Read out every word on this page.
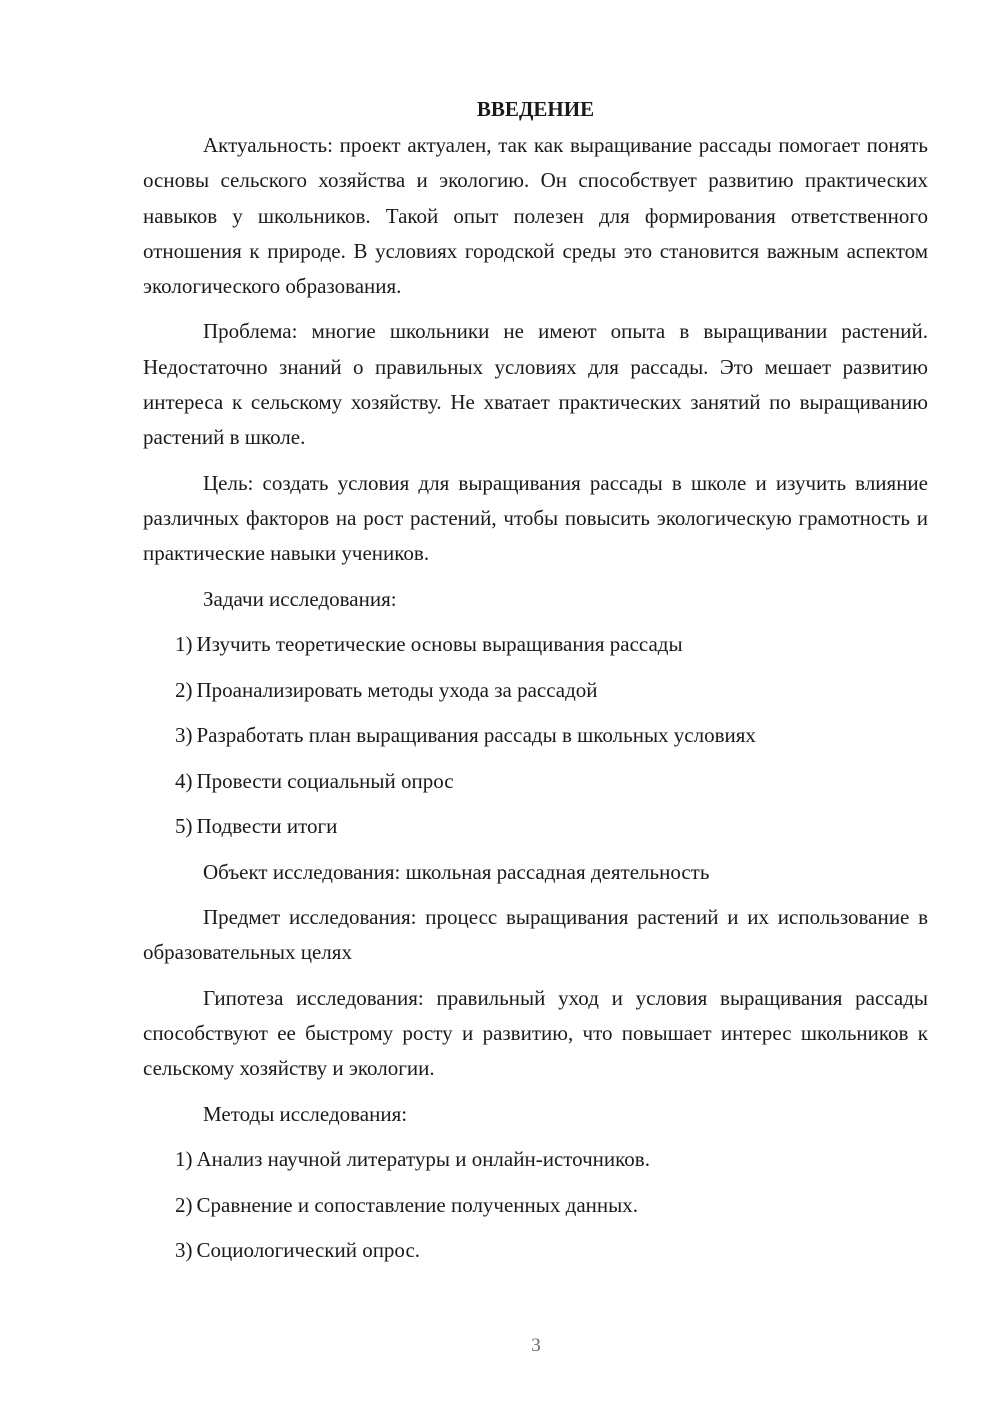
ВВЕДЕНИЕ

Актуальность: проект актуален, так как выращивание рассады помогает понять основы сельского хозяйства и экологию. Он способствует развитию практических навыков у школьников. Такой опыт полезен для формирования ответственного отношения к природе. В условиях городской среды это становится важным аспектом экологического образования.

Проблема: многие школьники не имеют опыта в выращивании растений. Недостаточно знаний о правильных условиях для рассады. Это мешает развитию интереса к сельскому хозяйству. Не хватает практических занятий по выращиванию растений в школе.

Цель: создать условия для выращивания рассады в школе и изучить влияние различных факторов на рост растений, чтобы повысить экологическую грамотность и практические навыки учеников.

Задачи исследования:
1) Изучить теоретические основы выращивания рассады
2) Проанализировать методы ухода за рассадой
3) Разработать план выращивания рассады в школьных условиях
4) Провести социальный опрос
5) Подвести итоги
Объект исследования: школьная рассадная деятельность

Предмет исследования: процесс выращивания растений и их использование в образовательных целях

Гипотеза исследования: правильный уход и условия выращивания рассады способствуют ее быстрому росту и развитию, что повышает интерес школьников к сельскому хозяйству и экологии.

Методы исследования:
1) Анализ научной литературы и онлайн-источников.
2) Сравнение и сопоставление полученных данных.
3) Социологический опрос.
3
